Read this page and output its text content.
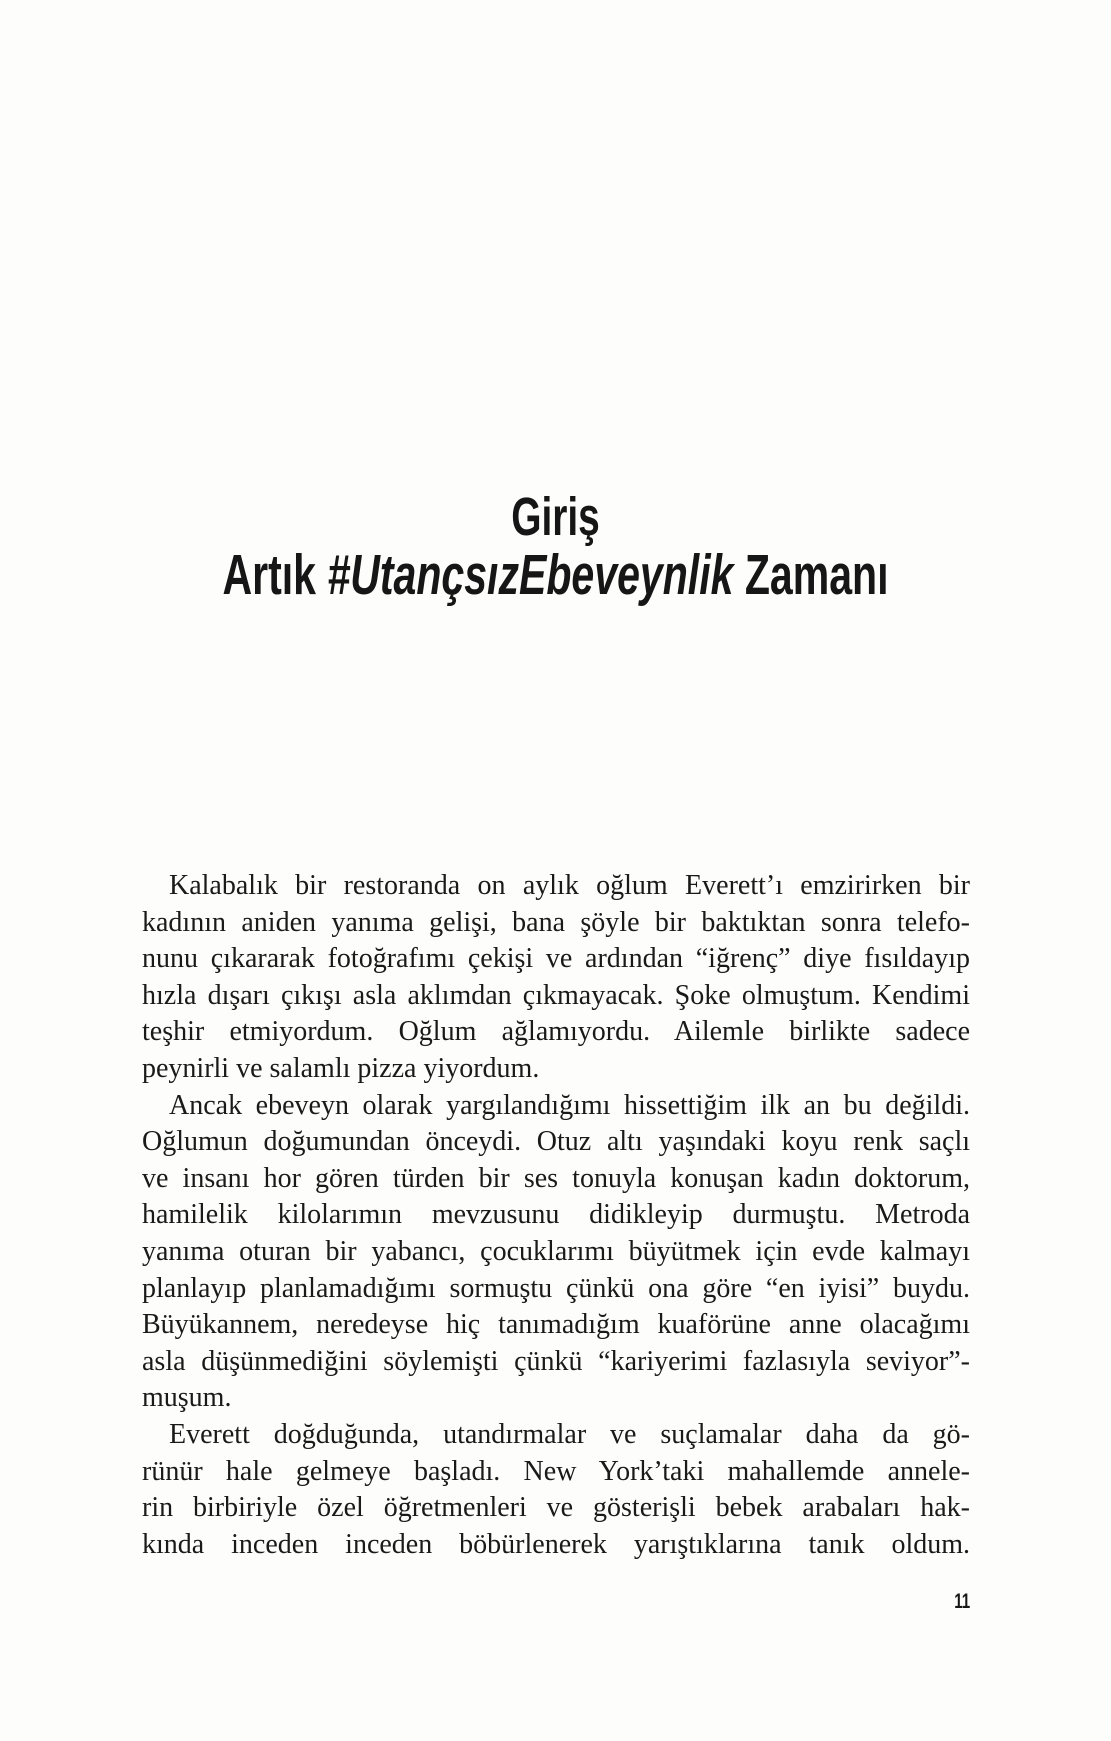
Giriş
Artık #UtançsızEbeveynlik Zamanı
Kalabalık bir restoranda on aylık oğlum Everett’ı emzirirken bir
kadının aniden yanıma gelişi, bana şöyle bir baktıktan sonra telefo-
nunu çıkararak fotoğrafımı çekişi ve ardından “iğrenç” diye fısıldayıp
hızla dışarı çıkışı asla aklımdan çıkmayacak. Şoke olmuştum. Kendimi
teşhir etmiyordum. Oğlum ağlamıyordu. Ailemle birlikte sadece
peynirli ve salamlı pizza yiyordum.
Ancak ebeveyn olarak yargılandığımı hissettiğim ilk an bu değildi.
Oğlumun doğumundan önceydi. Otuz altı yaşındaki koyu renk saçlı
ve insanı hor gören türden bir ses tonuyla konuşan kadın doktorum,
hamilelik kilolarımın mevzusunu didikleyip durmuştu. Metroda
yanıma oturan bir yabancı, çocuklarımı büyütmek için evde kalmayı
planlayıp planlamadığımı sormuştu çünkü ona göre “en iyisi” buydu.
Büyükannem, neredeyse hiç tanımadığım kuaförüne anne olacağımı
asla düşünmediğini söylemişti çünkü “kariyerimi fazlasıyla seviyor”-
muşum.
Everett doğduğunda, utandırmalar ve suçlamalar daha da gö-
rünür hale gelmeye başladı. New York’taki mahallemde annele-
rin birbiriyle özel öğretmenleri ve gösterişli bebek arabaları hak-
kında inceden inceden böbürlenerek yarıştıklarına tanık oldum.
11
